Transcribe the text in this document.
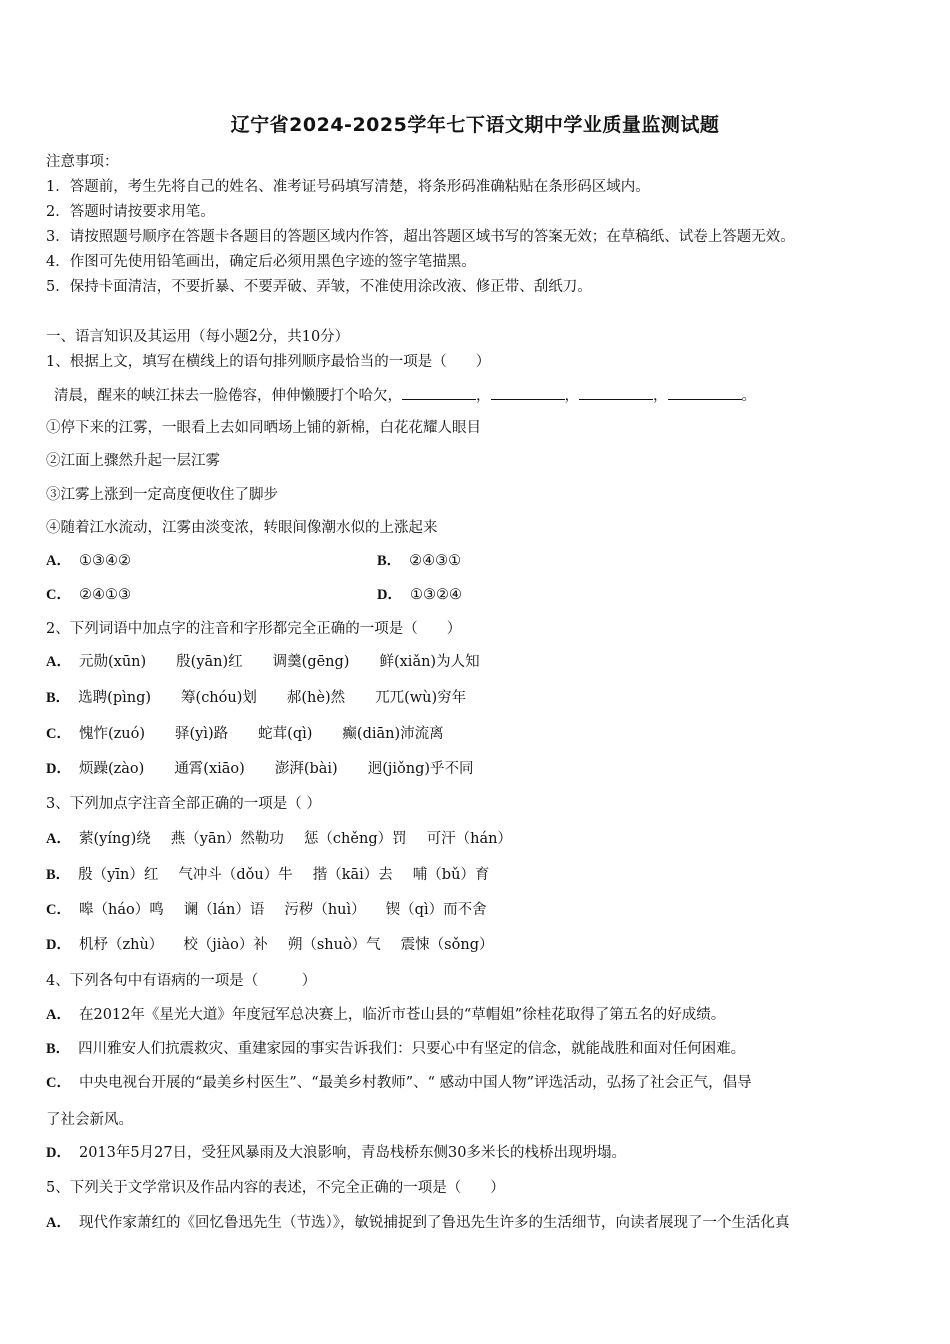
辽宁省2024-2025学年七下语文期中学业质量监测试题
注意事项：
1．答题前，考生先将自己的姓名、准考证号码填写清楚，将条形码准确粘贴在条形码区域内。
2．答题时请按要求用笔。
3．请按照题号顺序在答题卡各题目的答题区域内作答，超出答题区域书写的答案无效；在草稿纸、试卷上答题无效。
4．作图可先使用铅笔画出，确定后必须用黑色字迹的签字笔描黑。
5．保持卡面清洁，不要折暴、不要弄破、弄皱，不准使用涂改液、修正带、刮纸刀。
一、语言知识及其运用（每小题2分，共10分）
1、根据上文，填写在横线上的语句排列顺序最恰当的一项是（　　）
清晨，醒来的峡江抹去一脸倦容，伸伸懒腰打个哈欠，	，	，	，	。
①停下来的江雾，一眼看上去如同晒场上铺的新棉，白花花耀人眼目
②江面上骤然升起一层江雾
③江雾上涨到一定高度便收住了脚步
④随着江水流动，江雾由淡变浓，转眼间像潮水似的上涨起来
A． ①③④②	B． ②④③①
C． ②④①③	D． ①③②④
2、下列词语中加点字的注音和字形都完全正确的一项是（　　）
A． 元勋(xūn) 殷(yān)红 调羹(gēng) 鲜(xiǎn)为人知
B． 选聘(pìng) 筹(chóu)划 郝(hè)然 兀兀(wù)穷年
C． 愧怍(zuó) 驿(yì)路 蛇茸(qì) 癫(diān)沛流离
D． 烦躁(zào) 通霄(xiāo) 澎湃(bài) 迥(jiǒng)乎不同
3、下列加点字注音全部正确的一项是（ ）
A． 萦(yíng)绕 燕（yān）然勒功 惩（chěng）罚 可汗（hán）
B． 殷（yīn）红 气冲斗（dǒu）牛 揩（kāi）去 哺（bǔ）育
C． 嗥（háo）鸣 谰（lán）语 污秽（huì） 锲（qì）而不舍
D． 机杼（zhù） 校（jiào）补 朔（shuò）气 震悚（sǒng）
4、下列各句中有语病的一项是（　　　）
A． 在2012年《星光大道》年度冠军总决赛上，临沂市苍山县的“草帽姐”徐桂花取得了第五名的好成绩。
B． 四川雅安人们抗震救灾、重建家园的事实告诉我们：只要心中有坚定的信念，就能战胜和面对任何困难。
C． 中央电视台开展的“最美乡村医生”、“最美乡村教师”、“ 感动中国人物”评选活动，弘扬了社会正气，倡导
了社会新风。
D． 2013年5月27日，受狂风暴雨及大浪影响，青岛栈桥东侧30多米长的栈桥出现坍塌。
5、下列关于文学常识及作品内容的表述，不完全正确的一项是（　　）
A． 现代作家萧红的《回忆鲁迅先生（节选）》，敏锐捕捉到了鲁迅先生许多的生活细节，向读者展现了一个生活化真
